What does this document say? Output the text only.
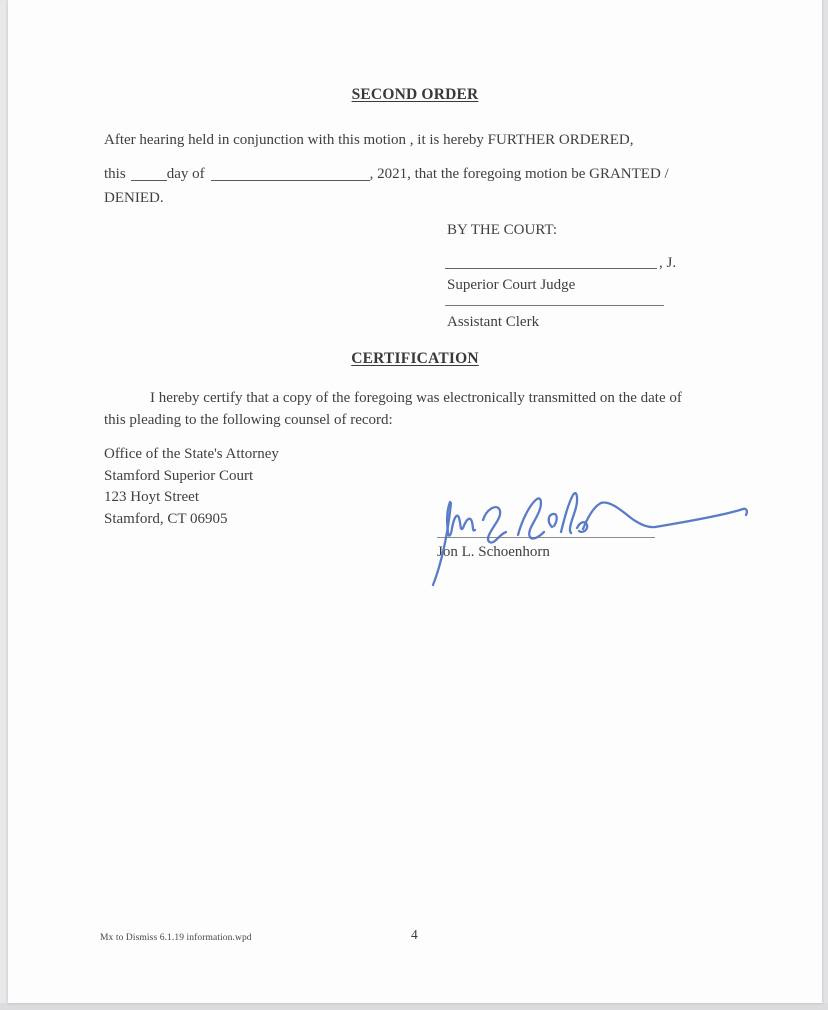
SECOND ORDER
After hearing held in conjunction with this motion , it is hereby FURTHER ORDERED,
this	day of	, 2021, that the foregoing motion be GRANTED /
DENIED.
BY THE COURT:
, J.
Superior Court Judge
Assistant Clerk
CERTIFICATION
I hereby certify that a copy of the foregoing was electronically transmitted on the date of
this pleading to the following counsel of record:
Office of the State's Attorney
Stamford Superior Court
123 Hoyt Street
Stamford, CT 06905
Jon L. Schoenhorn
Mx to Dismiss 6.1.19 information.wpd	4
